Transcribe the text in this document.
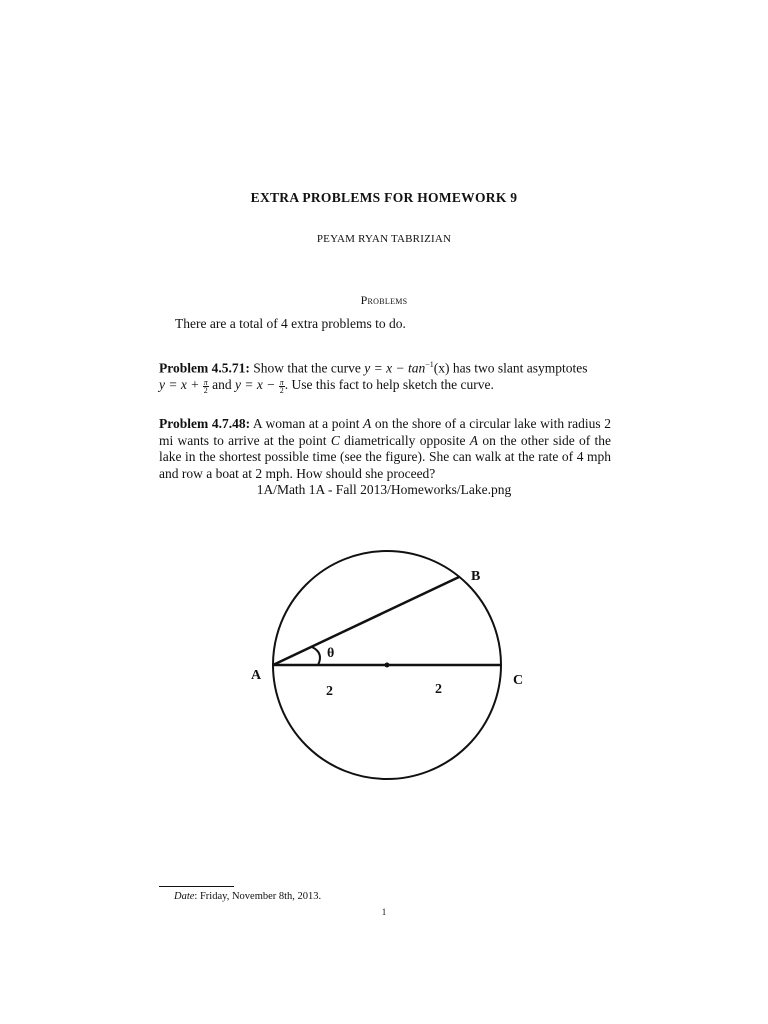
EXTRA PROBLEMS FOR HOMEWORK 9
PEYAM RYAN TABRIZIAN
Problems
There are a total of 4 extra problems to do.
Problem 4.5.71: Show that the curve $y = x - \tan^{-1}(x)$ has two slant asymptotes
$y = x + \frac{\pi}{2}$ and $y = x - \frac{\pi}{2}$ . Use this fact to help sketch the curve.
Problem 4.7.48: A woman at a point A on the shore of a circular lake with radius 2 mi wants to arrive at the point C diametrically opposite A on the other side of the lake in the shortest possible time (see the figure). She can walk at the rate of 4 mph and row a boat at 2 mph. How should she proceed?
1A/Math 1A - Fall 2013/Homeworks/Lake.png
A
B
C
θ
2	2
Date: Friday, November 8th, 2013.
1
